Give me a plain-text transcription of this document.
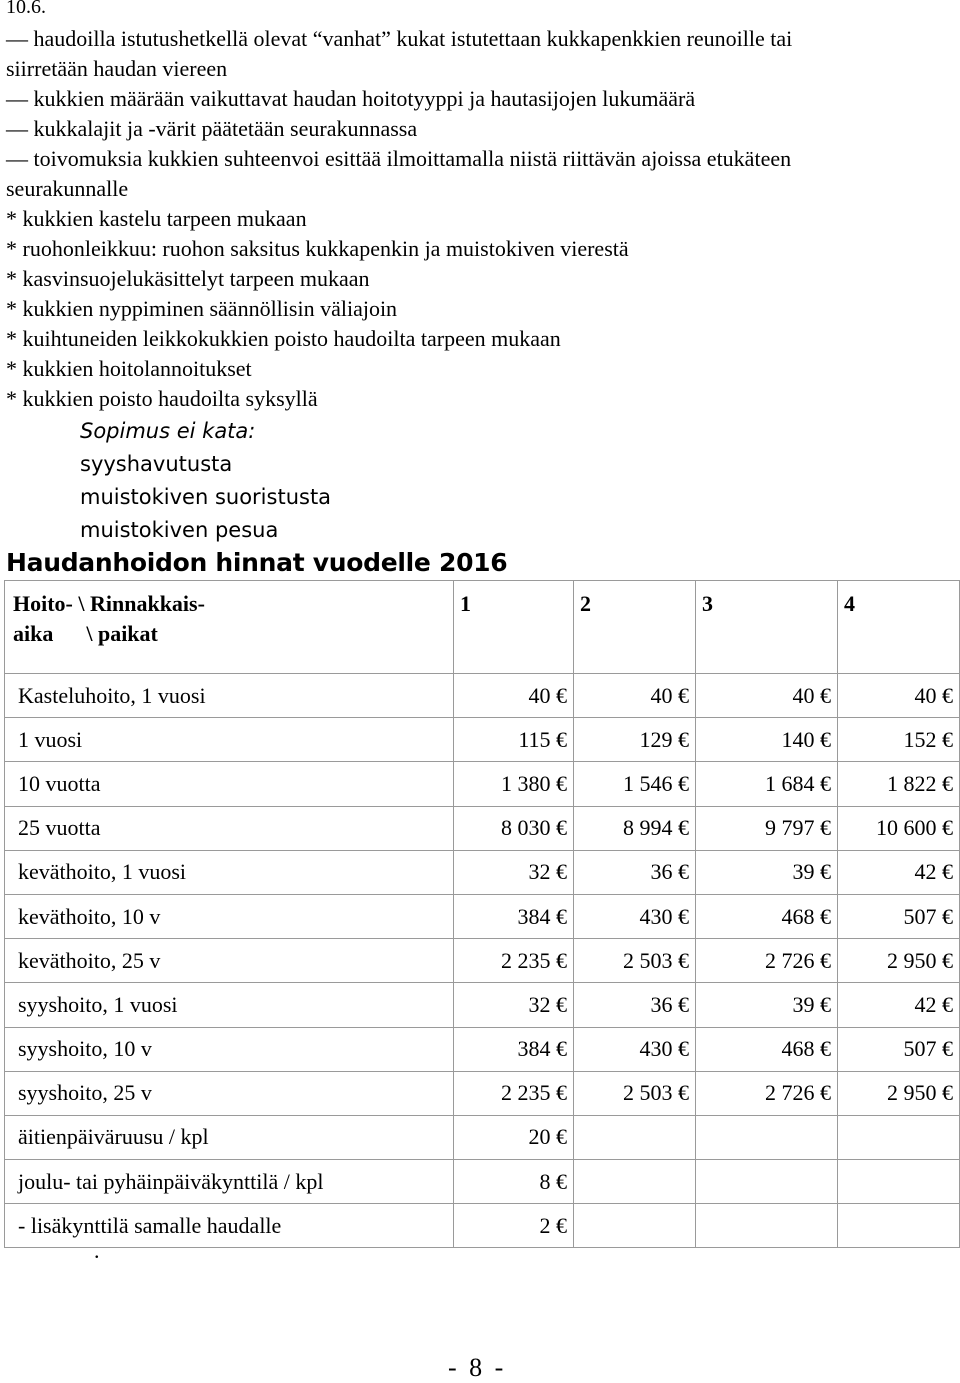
10.6.
— haudoilla istutushetkellä olevat “vanhat” kukat istutettaan kukkapenkkien reunoille tai
siirretään haudan viereen
— kukkien määrään vaikuttavat haudan hoitotyyppi ja hautasijojen lukumäärä
— kukkalajit ja -värit päätetään seurakunnassa
— toivomuksia kukkien suhteenvoi esittää ilmoittamalla niistä riittävän ajoissa etukäteen
seurakunnalle
* kukkien kastelu tarpeen mukaan
* ruohonleikkuu: ruohon saksitus kukkapenkin ja muistokiven vierestä
* kasvinsuojelukäsittelyt tarpeen mukaan
* kukkien nyppiminen säännöllisin väliajoin
* kuihtuneiden leikkokukkien poisto haudoilta tarpeen mukaan
* kukkien hoitolannoitukset
* kukkien poisto haudoilta syksyllä
Sopimus ei kata:
syyshavutusta
muistokiven suoristusta
muistokiven pesua
Haudanhoidon hinnat vuodelle 2016
Hoito- \ Rinnakkais-
aika      \ paikat	1	2	3	4
Kasteluhoito, 1 vuosi	40 €	40 €	40 €	40 €
1 vuosi	115 €	129 €	140 €	152 €
10 vuotta	1 380 €	1 546 €	1 684 €	1 822 €
25 vuotta	8 030 €	8 994 €	9 797 €	10 600 €
keväthoito, 1 vuosi	32 €	36 €	39 €	42 €
keväthoito, 10 v	384 €	430 €	468 €	507 €
keväthoito, 25 v	2 235 €	2 503 €	2 726 €	2 950 €
syyshoito, 1 vuosi	32 €	36 €	39 €	42 €
syyshoito, 10 v	384 €	430 €	468 €	507 €
syyshoito, 25 v	2 235 €	2 503 €	2 726 €	2 950 €
äitienpäiväruusu / kpl	20 €			
joulu- tai pyhäinpäiväkynttilä / kpl	8 €			
- lisäkynttilä samalle haudalle	2 €			
.
- 8 -
